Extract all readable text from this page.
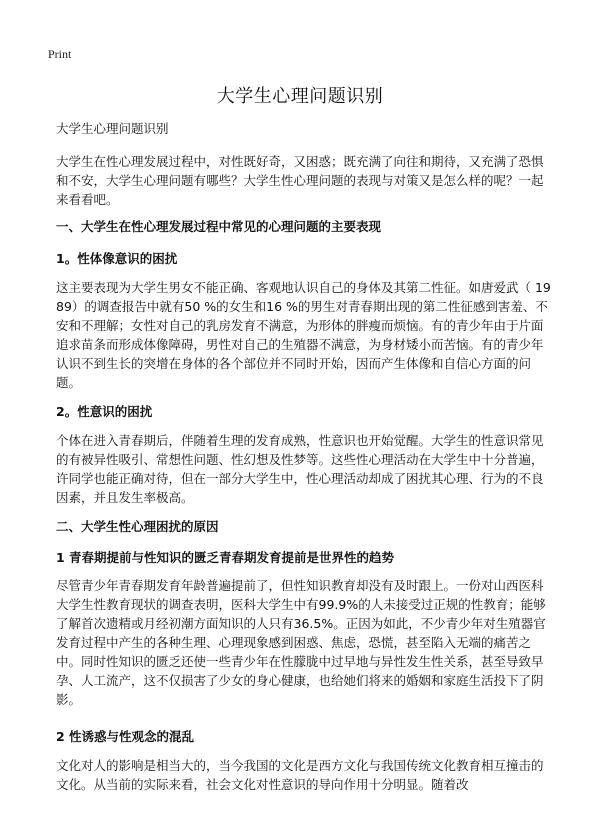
Print
大学生心理问题识别
大学生心理问题识别

大学生在性心理发展过程中，对性既好奇，又困惑；既充满了向往和期待，又充满了恐惧和不安，大学生心理问题有哪些？大学生性心理问题的表现与对策又是怎么样的呢？一起来看看吧。

一、大学生在性心理发展过程中常见的心理问题的主要表现

1。性体像意识的困扰

这主要表现为大学生男女不能正确、客观地认识自己的身体及其第二性征。如唐爱武（ 1989）的调查报告中就有50 %的女生和16 %的男生对青春期出现的第二性征感到害羞、不安和不理解；女性对自己的乳房发育不满意，为形体的胖瘦而烦恼。有的青少年由于片面追求苗条而形成体像障碍，男性对自己的生殖器不满意，为身材矮小而苦恼。有的青少年认识不到生长的突增在身体的各个部位并不同时开始，因而产生体像和自信心方面的问题。

2。性意识的困扰

个体在进入青春期后，伴随着生理的发育成熟，性意识也开始觉醒。大学生的性意识常见的有被异性吸引、常想性问题、性幻想及性梦等。这些性心理活动在大学生中十分普遍，许同学也能正确对待，但在一部分大学生中，性心理活动却成了困扰其心理、行为的不良因素，并且发生率极高。

二、大学生性心理困扰的原因

1 青春期提前与性知识的匮乏青春期发育提前是世界性的趋势

尽管青少年青春期发育年龄普遍提前了，但性知识教育却没有及时跟上。一份对山西医科大学生性教育现状的调查表明，医科大学生中有99.9%的人未接受过正规的性教育；能够了解首次遗精或月经初潮方面知识的人只有36.5%。正因为如此，不少青少年对生殖器官发育过程中产生的各种生理、心理现象感到困惑、焦虑，恐慌，甚至陷入无端的痛苦之中。同时性知识的匮乏还使一些青少年在性朦胧中过早地与异性发生性关系，甚至导致早孕、人工流产，这不仅损害了少女的身心健康，也给她们将来的婚姻和家庭生活投下了阴影。

2 性诱惑与性观念的混乱

文化对人的影响是相当大的，当今我国的文化是西方文化与我国传统文化教育相互撞击的文化。从当前的实际来看，社会文化对性意识的导向作用十分明显。随着改
